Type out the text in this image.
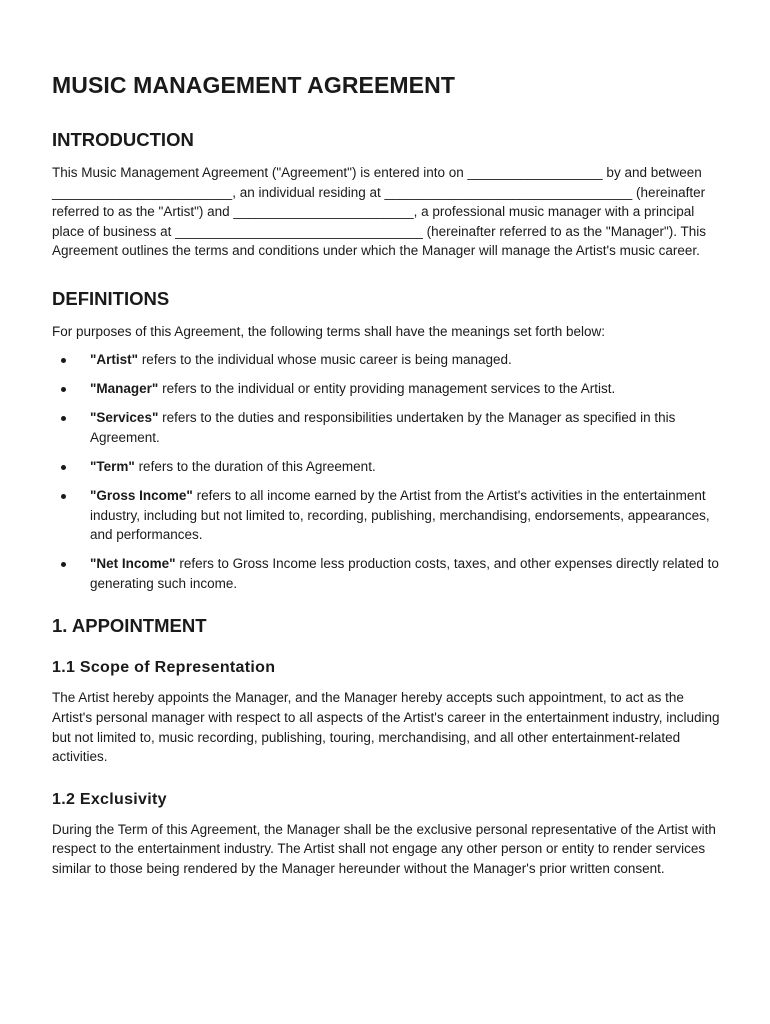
MUSIC MANAGEMENT AGREEMENT
INTRODUCTION

This Music Management Agreement ("Agreement") is entered into on __________________ by and between ________________________, an individual residing at _________________________________ (hereinafter referred to as the "Artist") and ________________________, a professional music manager with a principal place of business at _________________________________ (hereinafter referred to as the "Manager"). This Agreement outlines the terms and conditions under which the Manager will manage the Artist's music career.

DEFINITIONS

For purposes of this Agreement, the following terms shall have the meanings set forth below:

"Artist" refers to the individual whose music career is being managed.
"Manager" refers to the individual or entity providing management services to the Artist.
"Services" refers to the duties and responsibilities undertaken by the Manager as specified in this Agreement.
"Term" refers to the duration of this Agreement.
"Gross Income" refers to all income earned by the Artist from the Artist's activities in the entertainment industry, including but not limited to, recording, publishing, merchandising, endorsements, appearances, and performances.
"Net Income" refers to Gross Income less production costs, taxes, and other expenses directly related to generating such income.
1. APPOINTMENT
1.1 Scope of Representation

The Artist hereby appoints the Manager, and the Manager hereby accepts such appointment, to act as the Artist's personal manager with respect to all aspects of the Artist's career in the entertainment industry, including but not limited to, music recording, publishing, touring, merchandising, and all other entertainment-related activities.

1.2 Exclusivity

During the Term of this Agreement, the Manager shall be the exclusive personal representative of the Artist with respect to the entertainment industry. The Artist shall not engage any other person or entity to render services similar to those being rendered by the Manager hereunder without the Manager's prior written consent.
